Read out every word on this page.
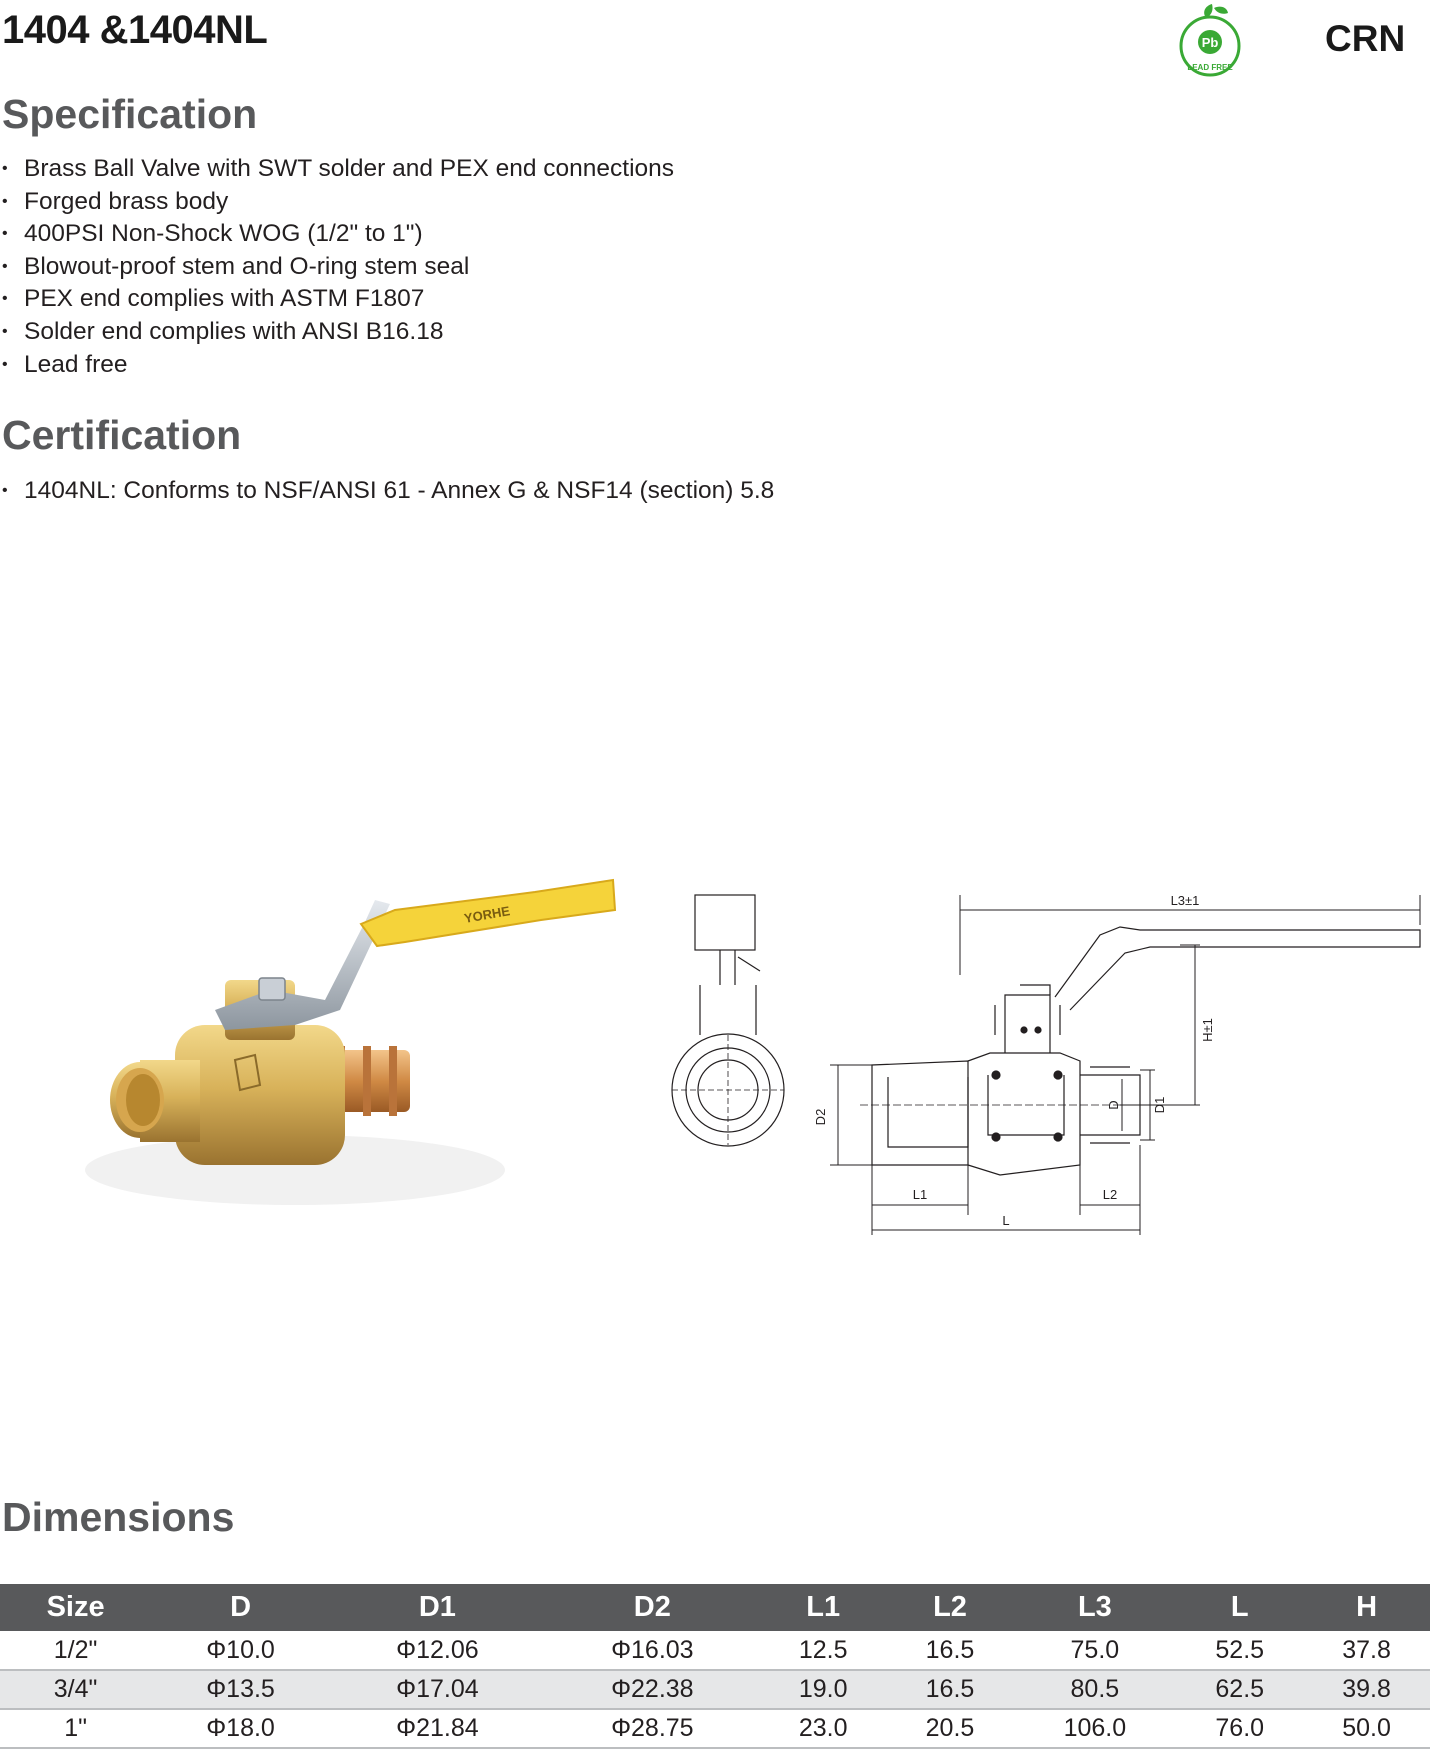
1404 &1404NL	Pb
LEAD FREE
CRN
Specification
• Brass Ball Valve with SWT solder and PEX end connections
• Forged brass body
• 400PSI Non-Shock WOG (1/2" to 1")
• Blowout-proof stem and O-ring stem seal
• PEX end complies with ASTM F1807
• Solder end complies with ANSI B16.18
• Lead free
Certification
• 1404NL: Conforms to NSF/ANSI 61 - Annex G & NSF14 (section) 5.8
YORHE
L3±1
H±1
D2
D D1
L1	L2
L
Dimensions
Size	D	D1	D2	L1	L2	L3	L	H
1/2"	Φ10.0	Φ12.06	Φ16.03	12.5	16.5	75.0	52.5	37.8
3/4"	Φ13.5	Φ17.04	Φ22.38	19.0	16.5	80.5	62.5	39.8
1"	Φ18.0	Φ21.84	Φ28.75	23.0	20.5	106.0	76.0	50.0
